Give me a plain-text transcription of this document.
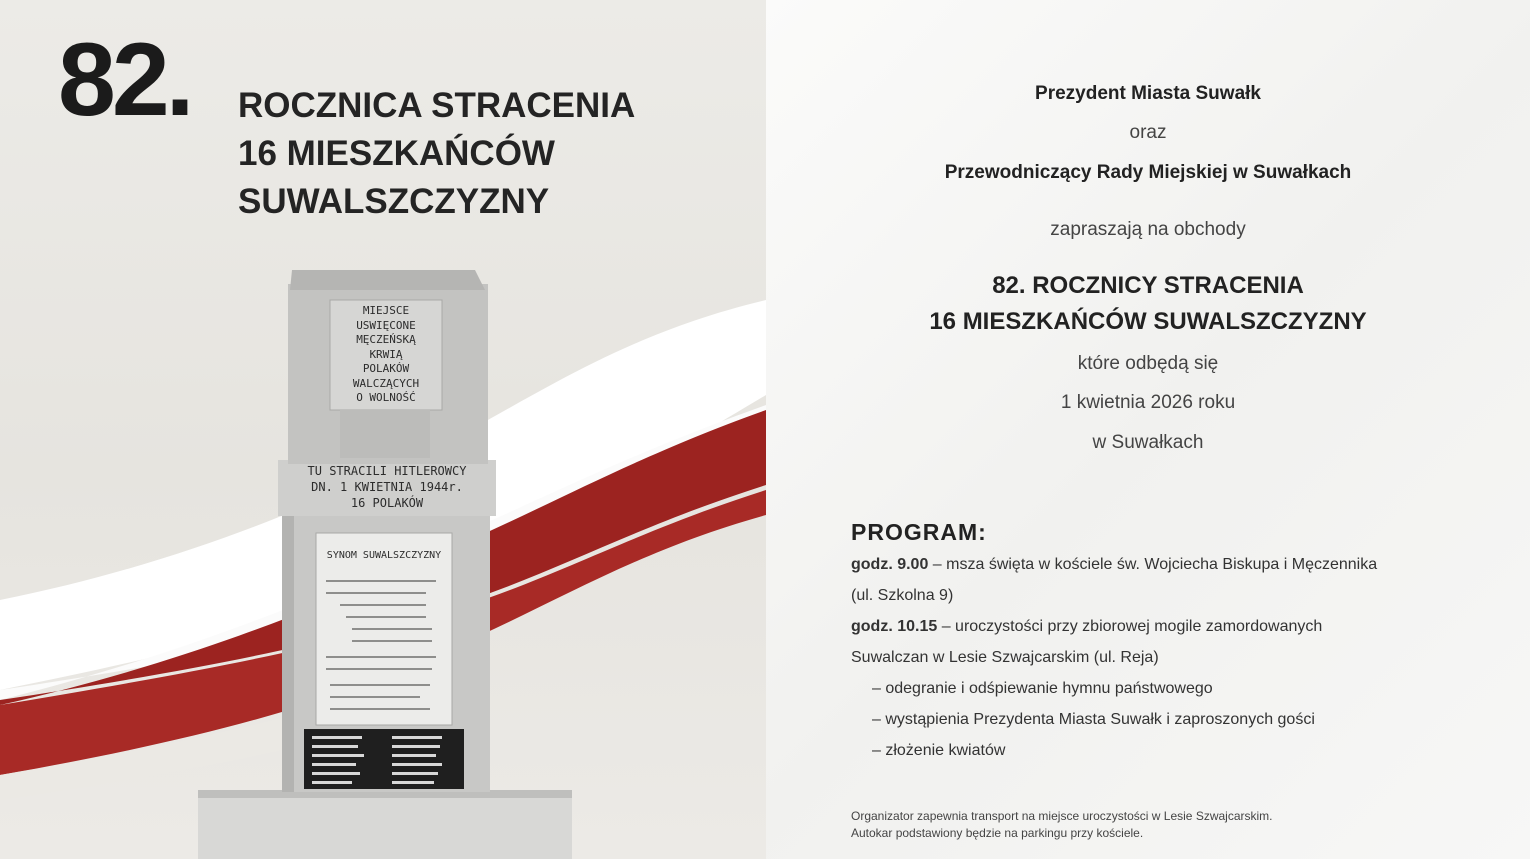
MIEJSCE
USWIĘCONE
MĘCZEŃSKĄ
KRWIĄ
POLAKÓW
WALCZĄCYCH
O WOLNOŚĆ
TU STRACILI HITLEROWCY
DN. 1 KWIETNIA 1944r.
16 POLAKÓW
SYNOM SUWALSZCZYZNY
82. ROCZNICA STRACENIA
16 MIESZKAŃCÓW
SUWALSZCZYZNY
Prezydent Miasta Suwałk
oraz
Przewodniczący Rady Miejskiej w Suwałkach
zapraszają na obchody
82. ROCZNICY STRACENIA
16 MIESZKAŃCÓW SUWALSZCZYZNY
które odbędą się
1 kwietnia 2026 roku
w Suwałkach
PROGRAM:
godz. 9.00 – msza święta w kościele św. Wojciecha Biskupa i Męczennika
(ul. Szkolna 9)
godz. 10.15 – uroczystości przy zbiorowej mogile zamordowanych
Suwalczan w Lesie Szwajcarskim (ul. Reja)
– odegranie i odśpiewanie hymnu państwowego
– wystąpienia Prezydenta Miasta Suwałk i zaproszonych gości
– złożenie kwiatów
Organizator zapewnia transport na miejsce uroczystości w Lesie Szwajcarskim.
Autokar podstawiony będzie na parkingu przy kościele.
